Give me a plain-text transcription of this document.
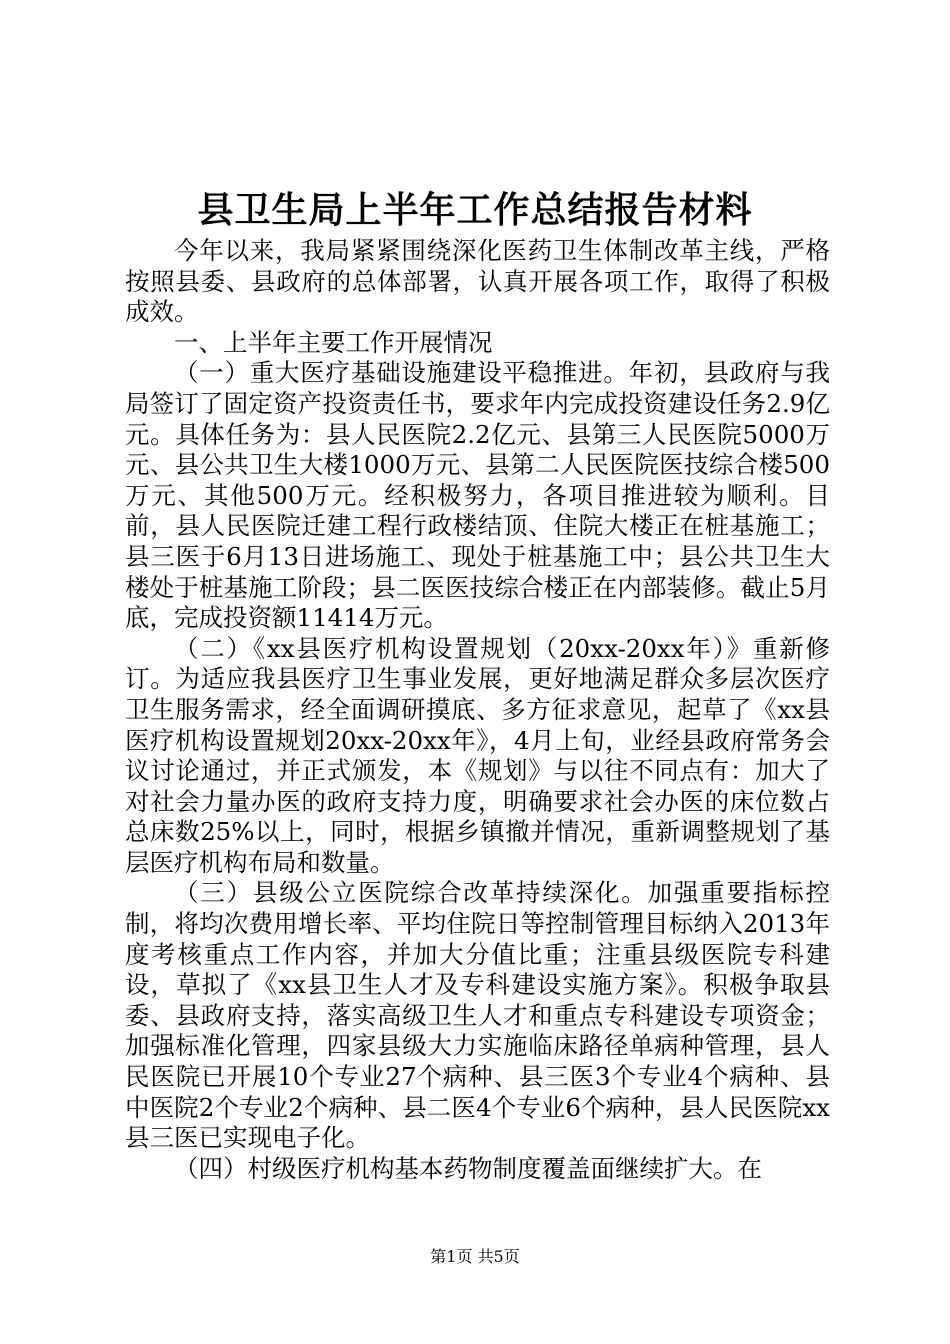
县卫生局上半年工作总结报告材料

今年以来，我局紧紧围绕深化医药卫生体制改革主线，严格按照县委、县政府的总体部署，认真开展各项工作，取得了积极成效。

一、上半年主要工作开展情况

（一）重大医疗基础设施建设平稳推进。年初，县政府与我局签订了固定资产投资责任书，要求年内完成投资建设任务2.9亿元。具体任务为：县人民医院2.2亿元、县第三人民医院5000万元、县公共卫生大楼1000万元、县第二人民医院医技综合楼500万元、其他500万元。经积极努力，各项目推进较为顺利。目前，县人民医院迁建工程行政楼结顶、住院大楼正在桩基施工；县三医于6月13日进场施工、现处于桩基施工中；县公共卫生大楼处于桩基施工阶段；县二医医技综合楼正在内部装修。截止5月底，完成投资额11414万元。

（二）《xx县医疗机构设置规划（20xx-20xx年）》重新修订。为适应我县医疗卫生事业发展，更好地满足群众多层次医疗卫生服务需求，经全面调研摸底、多方征求意见，起草了《xx县医疗机构设置规划20xx-20xx年》，4月上旬，业经县政府常务会议讨论通过，并正式颁发，本《规划》与以往不同点有：加大了对社会力量办医的政府支持力度，明确要求社会办医的床位数占总床数25%以上，同时，根据乡镇撤并情况，重新调整规划了基层医疗机构布局和数量。

（三）县级公立医院综合改革持续深化。加强重要指标控制，将均次费用增长率、平均住院日等控制管理目标纳入2013年度考核重点工作内容，并加大分值比重；注重县级医院专科建设，草拟了《xx县卫生人才及专科建设实施方案》。积极争取县委、县政府支持，落实高级卫生人才和重点专科建设专项资金；加强标准化管理，四家县级大力实施临床路径单病种管理，县人民医院已开展10个专业27个病种、县三医3个专业4个病种、县中医院2个专业2个病种、县二医4个专业6个病种，县人民医院xx县三医已实现电子化。

（四）村级医疗机构基本药物制度覆盖面继续扩大。在

第1页 共5页
